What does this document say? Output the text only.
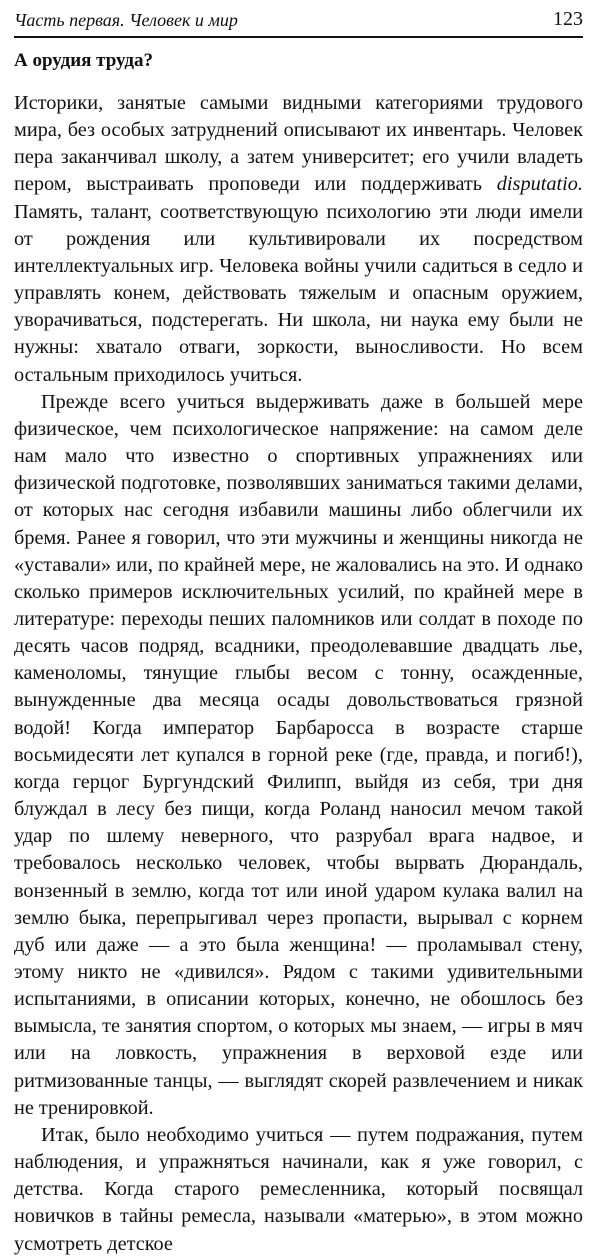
Часть первая. Человек и мир	123
А орудия труда?

Историки, занятые самыми видными категориями трудового мира, без особых затруднений описывают их инвентарь. Человек пера заканчивал школу, а затем университет; его учили владеть пером, выстраивать проповеди или поддерживать disputatio. Память, талант, соответствующую психологию эти люди имели от рождения или культивировали их посредством интеллектуальных игр. Человека войны учили садиться в седло и управлять конем, действовать тяжелым и опасным оружием, уворачиваться, подстерегать. Ни школа, ни наука ему были не нужны: хватало отваги, зоркости, выносливости. Но всем остальным приходилось учиться.

Прежде всего учиться выдерживать даже в большей мере физическое, чем психологическое напряжение: на самом деле нам мало что известно о спортивных упражнениях или физической подготовке, позволявших заниматься такими делами, от которых нас сегодня избавили машины либо облегчили их бремя. Ранее я говорил, что эти мужчины и женщины никогда не «уставали» или, по крайней мере, не жаловались на это. И однако сколько примеров исключительных усилий, по крайней мере в литературе: переходы пеших паломников или солдат в походе по десять часов подряд, всадники, преодолевавшие двадцать лье, каменоломы, тянущие глыбы весом с тонну, осажденные, вынужденные два месяца осады довольствоваться грязной водой! Когда император Барбаросса в возрасте старше восьмидесяти лет купался в горной реке (где, правда, и погиб!), когда герцог Бургундский Филипп, выйдя из себя, три дня блуждал в лесу без пищи, когда Роланд наносил мечом такой удар по шлему неверного, что разрубал врага надвое, и требовалось несколько человек, чтобы вырвать Дюрандаль, вонзенный в землю, когда тот или иной ударом кулака валил на землю быка, перепрыгивал через пропасти, вырывал с корнем дуб или даже — а это была женщина! — проламывал стену, этому никто не «дивился». Рядом с такими удивительными испытаниями, в описании которых, конечно, не обошлось без вымысла, те занятия спортом, о которых мы знаем, — игры в мяч или на ловкость, упражнения в верховой езде или ритмизованные танцы, — выглядят скорей развлечением и никак не тренировкой.

Итак, было необходимо учиться — путем подражания, путем наблюдения, и упражняться начинали, как я уже говорил, с детства. Когда старого ремесленника, который посвящал новичков в тайны ремесла, называли «матерью», в этом можно усмотреть детское
